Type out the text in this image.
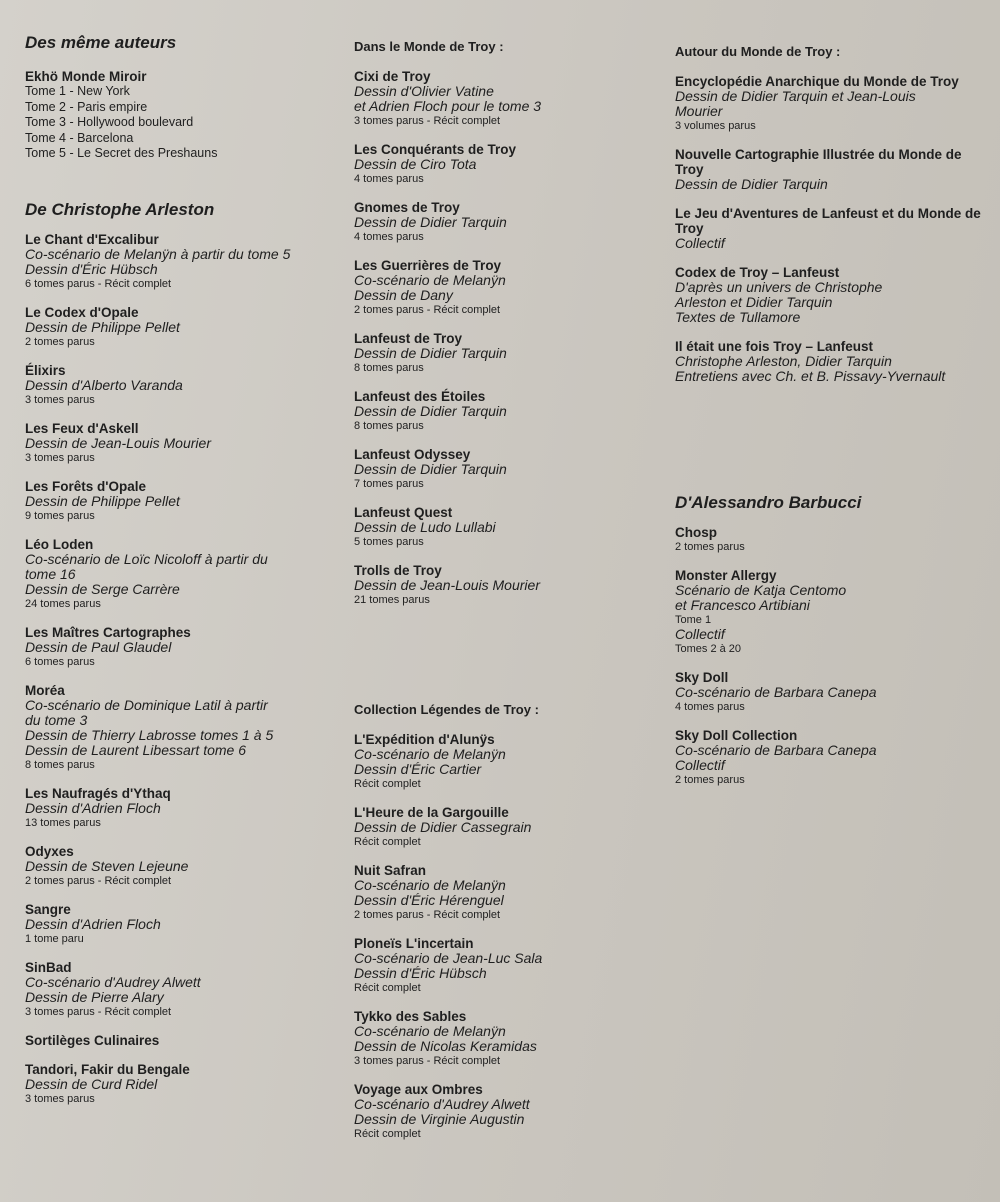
Des même auteurs
Ekhö Monde Miroir
Tome 1 - New York
Tome 2 - Paris empire
Tome 3 - Hollywood boulevard
Tome 4 - Barcelona
Tome 5 - Le Secret des Preshauns
De Christophe Arleston
Le Chant d'Excalibur
Co-scénario de Melanÿn à partir du tome 5
Dessin d'Éric Hübsch
6 tomes parus - Récit complet
Le Codex d'Opale
Dessin de Philippe Pellet
2 tomes parus
Élixirs
Dessin d'Alberto Varanda
3 tomes parus
Les Feux d'Askell
Dessin de Jean-Louis Mourier
3 tomes parus
Les Forêts d'Opale
Dessin de Philippe Pellet
9 tomes parus
Léo Loden
Co-scénario de Loïc Nicoloff à partir du
tome 16
Dessin de Serge Carrère
24 tomes parus
Les Maîtres Cartographes
Dessin de Paul Glaudel
6 tomes parus
Moréa
Co-scénario de Dominique Latil à partir
du tome 3
Dessin de Thierry Labrosse tomes 1 à 5
Dessin de Laurent Libessart tome 6
8 tomes parus
Les Naufragés d'Ythaq
Dessin d'Adrien Floch
13 tomes parus
Odyxes
Dessin de Steven Lejeune
2 tomes parus - Récit complet
Sangre
Dessin d'Adrien Floch
1 tome paru
SinBad
Co-scénario d'Audrey Alwett
Dessin de Pierre Alary
3 tomes parus - Récit complet
Sortilèges Culinaires
Tandori, Fakir du Bengale
Dessin de Curd Ridel
3 tomes parus
Dans le Monde de Troy :
Cixi de Troy
Dessin d'Olivier Vatine
et Adrien Floch pour le tome 3
3 tomes parus - Récit complet
Les Conquérants de Troy
Dessin de Ciro Tota
4 tomes parus
Gnomes de Troy
Dessin de Didier Tarquin
4 tomes parus
Les Guerrières de Troy
Co-scénario de Melanÿn
Dessin de Dany
2 tomes parus - Récit complet
Lanfeust de Troy
Dessin de Didier Tarquin
8 tomes parus
Lanfeust des Étoiles
Dessin de Didier Tarquin
8 tomes parus
Lanfeust Odyssey
Dessin de Didier Tarquin
7 tomes parus
Lanfeust Quest
Dessin de Ludo Lullabi
5 tomes parus
Trolls de Troy
Dessin de Jean-Louis Mourier
21 tomes parus
Collection Légendes de Troy :
L'Expédition d'Alunÿs
Co-scénario de Melanÿn
Dessin d'Éric Cartier
Récit complet
L'Heure de la Gargouille
Dessin de Didier Cassegrain
Récit complet
Nuit Safran
Co-scénario de Melanÿn
Dessin d'Éric Hérenguel
2 tomes parus - Récit complet
Ploneïs L'incertain
Co-scénario de Jean-Luc Sala
Dessin d'Éric Hübsch
Récit complet
Tykko des Sables
Co-scénario de Melanÿn
Dessin de Nicolas Keramidas
3 tomes parus - Récit complet
Voyage aux Ombres
Co-scénario d'Audrey Alwett
Dessin de Virginie Augustin
Récit complet
Autour du Monde de Troy :
Encyclopédie Anarchique du Monde de Troy
Dessin de Didier Tarquin et Jean-Louis
Mourier
3 volumes parus
Nouvelle Cartographie Illustrée du Monde de Troy
Dessin de Didier Tarquin
Le Jeu d'Aventures de Lanfeust et du Monde de Troy
Collectif
Codex de Troy – Lanfeust
D'après un univers de Christophe
Arleston et Didier Tarquin
Textes de Tullamore
Il était une fois Troy – Lanfeust
Christophe Arleston, Didier Tarquin
Entretiens avec Ch. et B. Pissavy-Yvernault
D'Alessandro Barbucci
Chosp
2 tomes parus
Monster Allergy
Scénario de Katja Centomo
et Francesco Artibiani
Tome 1
Collectif
Tomes 2 à 20
Sky Doll
Co-scénario de Barbara Canepa
4 tomes parus
Sky Doll Collection
Co-scénario de Barbara Canepa
Collectif
2 tomes parus
